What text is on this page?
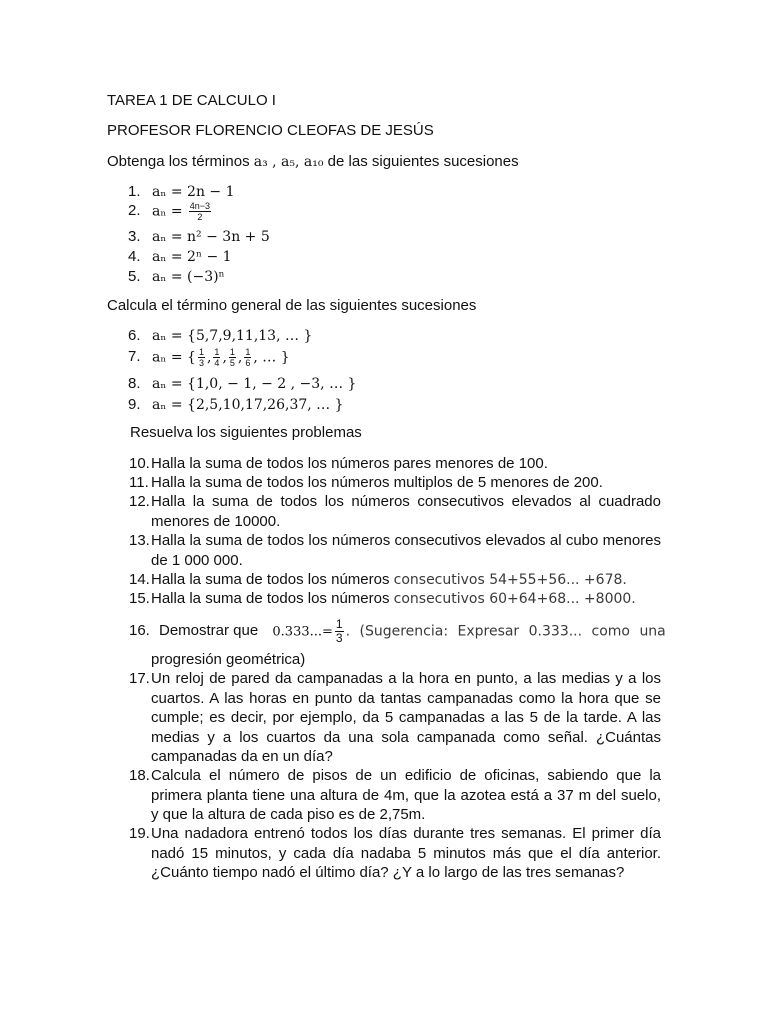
TAREA 1 DE CALCULO I
PROFESOR FLORENCIO CLEOFAS DE JESÚS
Obtenga los términos a₃ , a₅, a₁₀ de las siguientes sucesiones
1. aₙ = 2n − 1
2. $a_n = \frac{4n-3}{2}$
3. aₙ = n² − 3n + 5
4. aₙ = 2ⁿ − 1
5. aₙ = (−3)ⁿ
Calcula el término general de las siguientes sucesiones
6. aₙ = {5,7,9,11,13, … }
7. aₙ = { $\frac{1}{3}$ , $\frac{1}{4}$ , $\frac{1}{5}$ , $\frac{1}{6}$ , … }
8. aₙ = {1,0, − 1, − 2 , −3, … }
9. aₙ = {2,5,10,17,26,37, … }
Resuelva los siguientes problemas
10. Halla la suma de todos los números pares menores de 100.
11. Halla la suma de todos los números multiplos de 5 menores de 200.
12. Halla la suma de todos los números consecutivos elevados al cuadrado menores de 10000.
13. Halla la suma de todos los números consecutivos elevados al cubo menores de 1 000 000.
14. Halla la suma de todos los números consecutivos 54+55+56... +678.
15. Halla la suma de todos los números consecutivos 60+64+68... +8000.
16. Demostrar que $0.333...= \frac{1}{3}$ . (Sugerencia: Expresar 0.333... como una
progresión geométrica)
17. Un reloj de pared da campanadas a la hora en punto, a las medias y a los cuartos. A las horas en punto da tantas campanadas como la hora que se cumple; es decir, por ejemplo, da 5 campanadas a las 5 de la tarde. A las medias y a los cuartos da una sola campanada como señal. ¿Cuántas campanadas da en un día?
18. Calcula el número de pisos de un edificio de oficinas, sabiendo que la primera planta tiene una altura de 4m, que la azotea está a 37 m del suelo, y que la altura de cada piso es de 2,75m.
19. Una nadadora entrenó todos los días durante tres semanas. El primer día nadó 15 minutos, y cada día nadaba 5 minutos más que el día anterior. ¿Cuánto tiempo nadó el último día? ¿Y a lo largo de las tres semanas?
